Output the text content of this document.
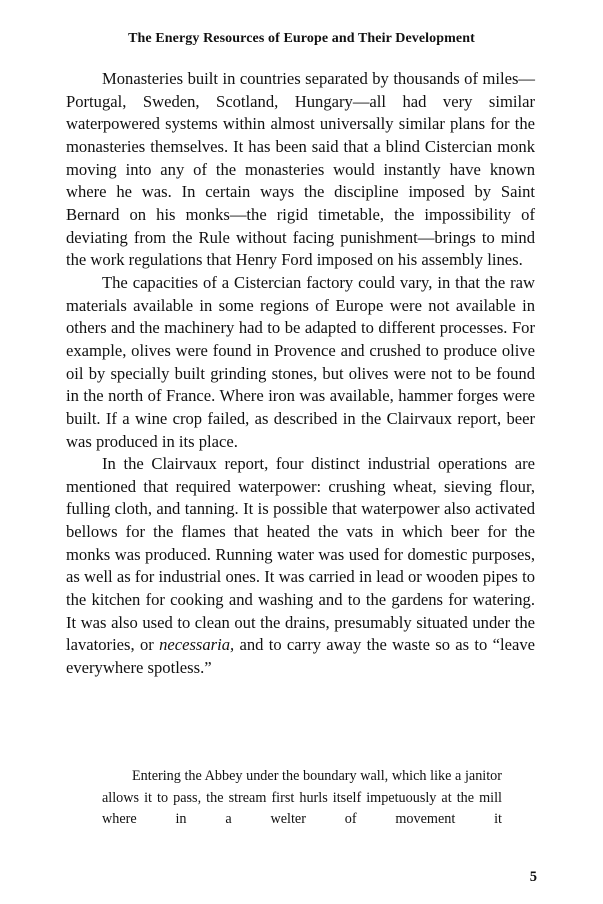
The Energy Resources of Europe and Their Development

Monasteries built in countries separated by thousands of miles—Portugal, Sweden, Scotland, Hungary—all had very similar waterpowered systems within almost universally similar plans for the monasteries themselves. It has been said that a blind Cistercian monk moving into any of the monasteries would instantly have known where he was. In certain ways the discipline imposed by Saint Bernard on his monks—the rigid timetable, the impossibility of deviating from the Rule without facing punishment—brings to mind the work regulations that Henry Ford imposed on his assembly lines.

The capacities of a Cistercian factory could vary, in that the raw materials available in some regions of Europe were not available in others and the machinery had to be adapted to different processes. For example, olives were found in Provence and crushed to produce olive oil by specially built grinding stones, but olives were not to be found in the north of France. Where iron was available, hammer forges were built. If a wine crop failed, as described in the Clairvaux report, beer was produced in its place.

In the Clairvaux report, four distinct industrial operations are mentioned that required waterpower: crushing wheat, sieving flour, fulling cloth, and tanning. It is possible that waterpower also activated bellows for the flames that heated the vats in which beer for the monks was produced. Running water was used for domestic purposes, as well as for industrial ones. It was carried in lead or wooden pipes to the kitchen for cooking and washing and to the gardens for watering. It was also used to clean out the drains, presumably situated under the lavatories, or necessaria, and to carry away the waste so as to “leave everywhere spotless.”

Entering the Abbey under the boundary wall, which like a janitor allows it to pass, the stream first hurls itself impetuously at the mill where in a welter of movement it

5
